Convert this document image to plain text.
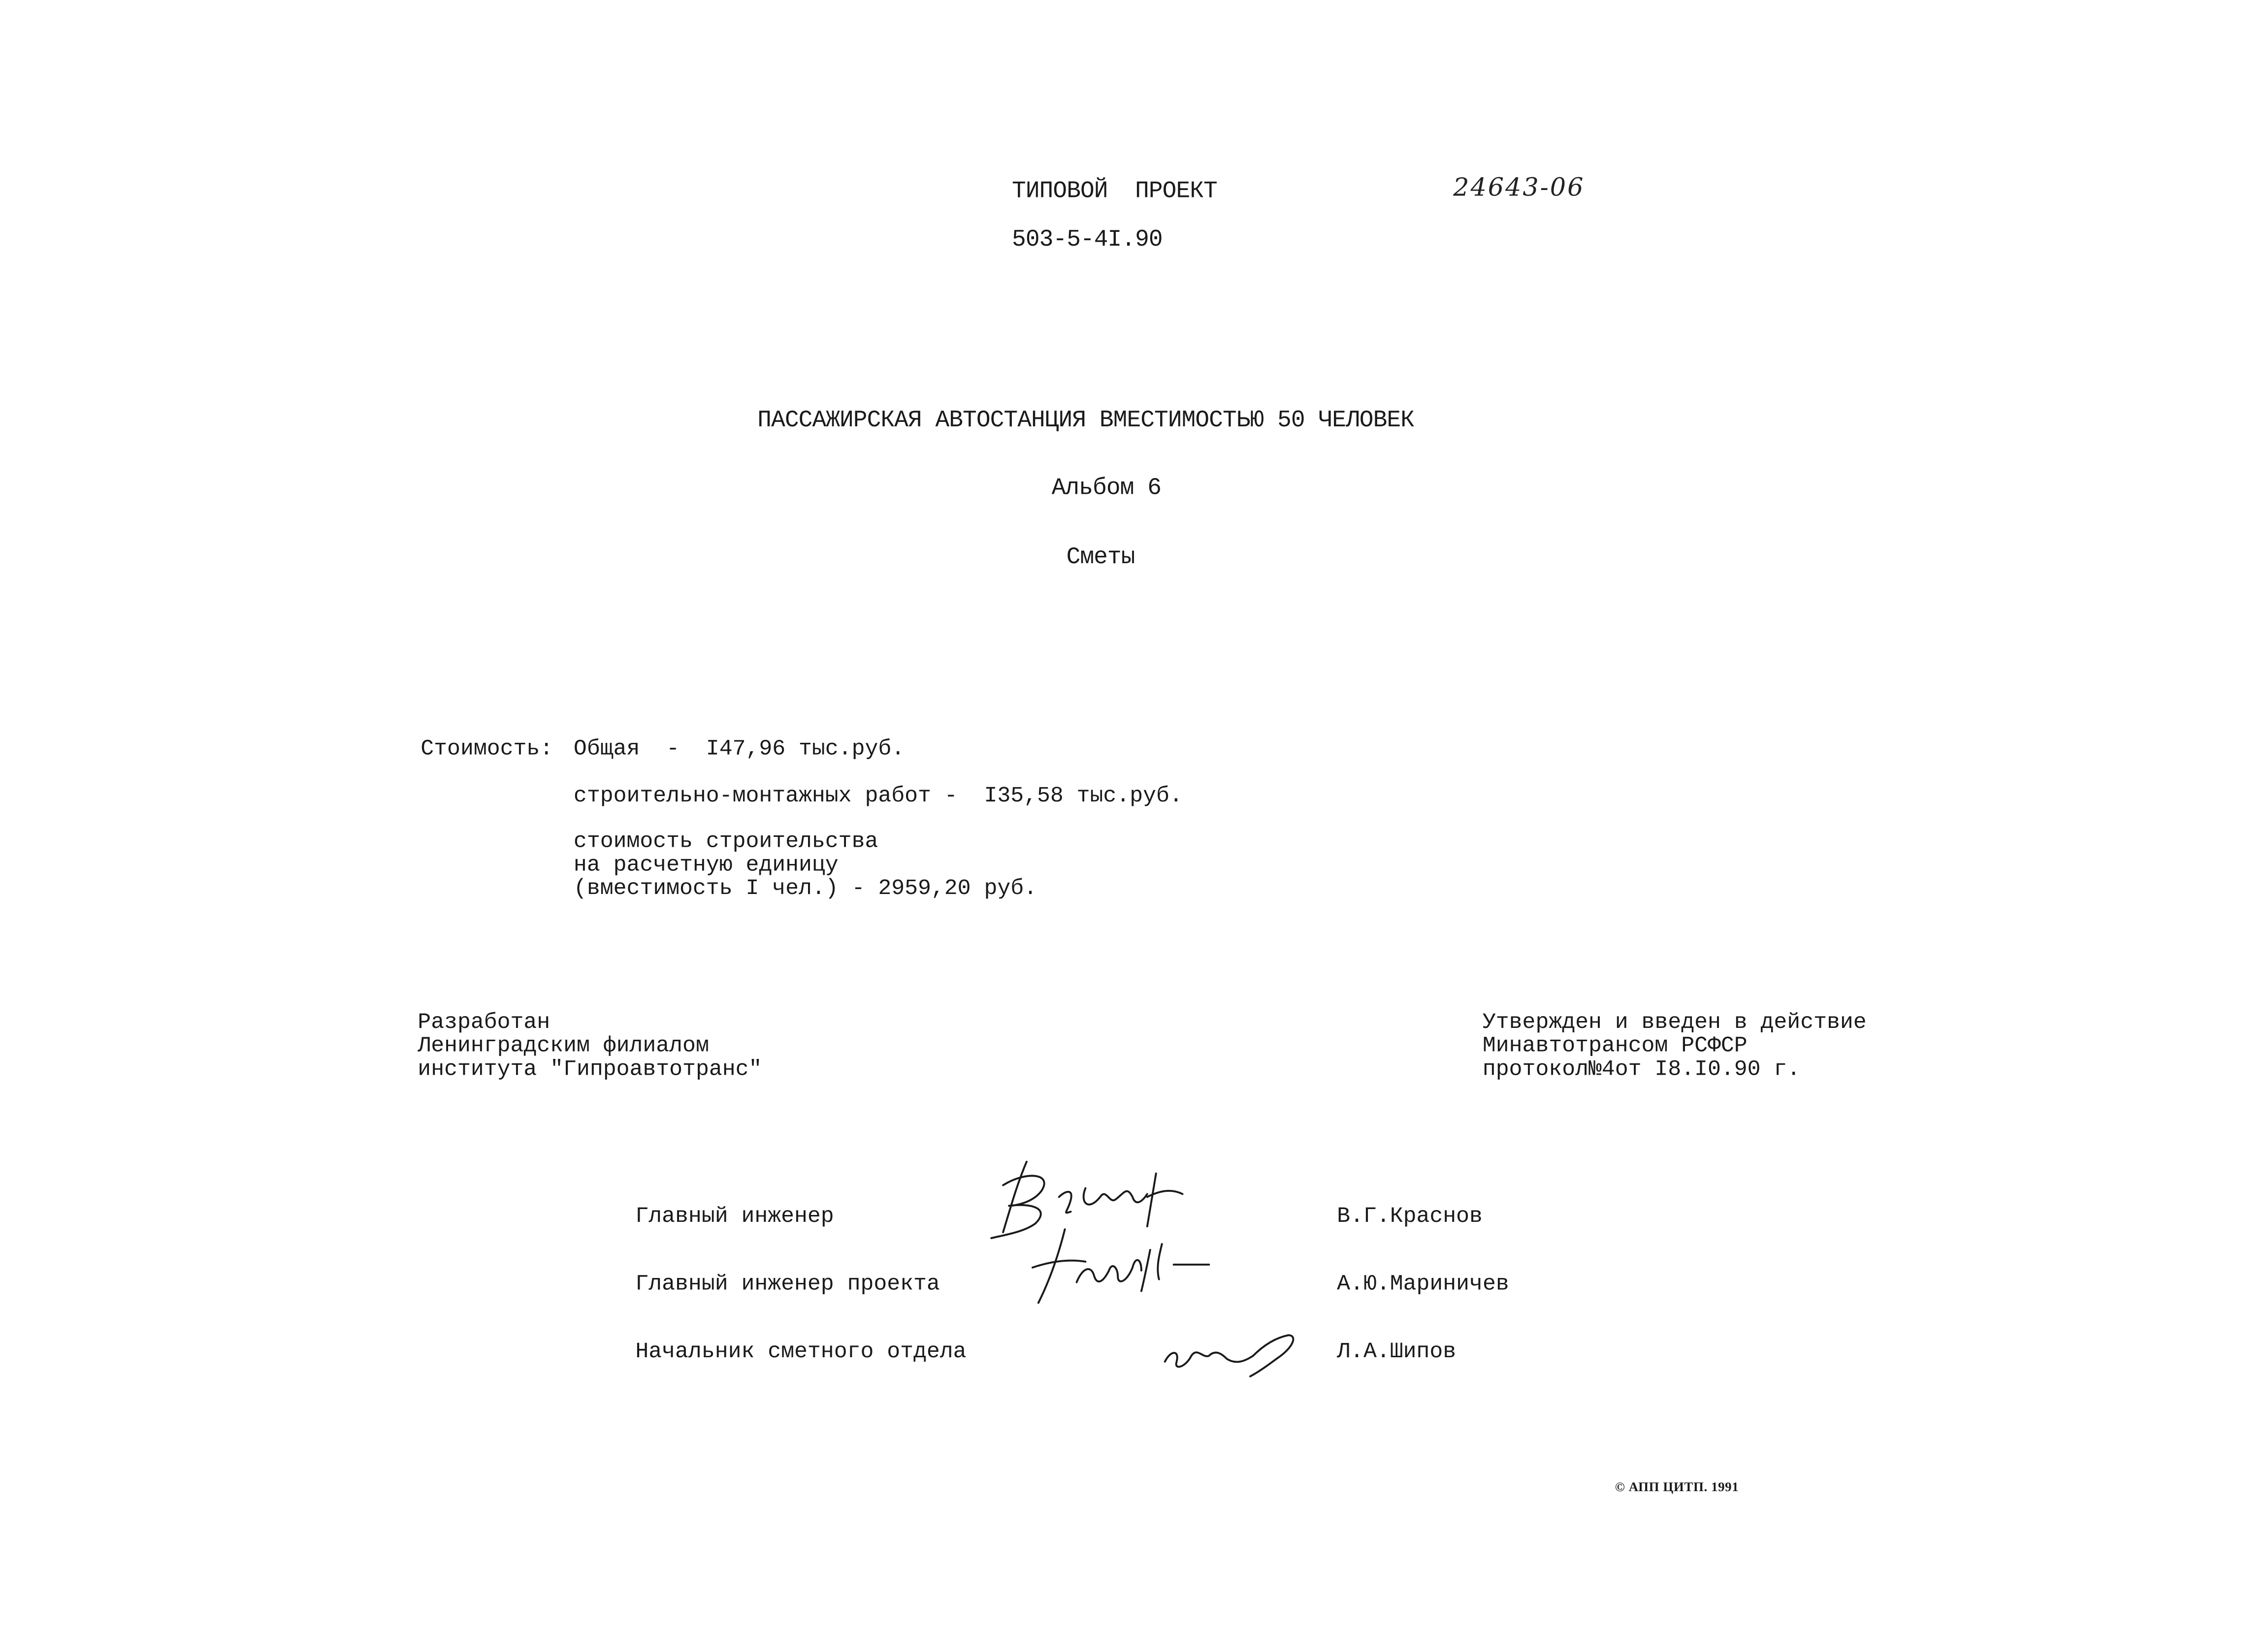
ТИПОВОЙ  ПРОЕКТ	24643-06
503-5-4I.90
ПАССАЖИРСКАЯ АВТОСТАНЦИЯ ВМЕСТИМОСТЬЮ 50 ЧЕЛОВЕК
Альбом 6
Сметы
Стоимость:	Общая  -  I47,96 тыс.руб.
строительно-монтажных работ -  I35,58 тыс.руб.
стоимость строительства
на расчетную единицу
(вместимость I чел.) - 2959,20 руб.
Разработан
Ленинградским филиалом
института "Гипроавтотранс"
Утвержден и введен в действие
Минавтотрансом РСФСР
протокол№4от I8.I0.90 г.
Главный инженер	В.Г.Краснов
Главный инженер проекта	А.Ю.Мариничев
Начальник сметного отдела	Л.А.Шипов
© АПП ЦИТП. 1991
